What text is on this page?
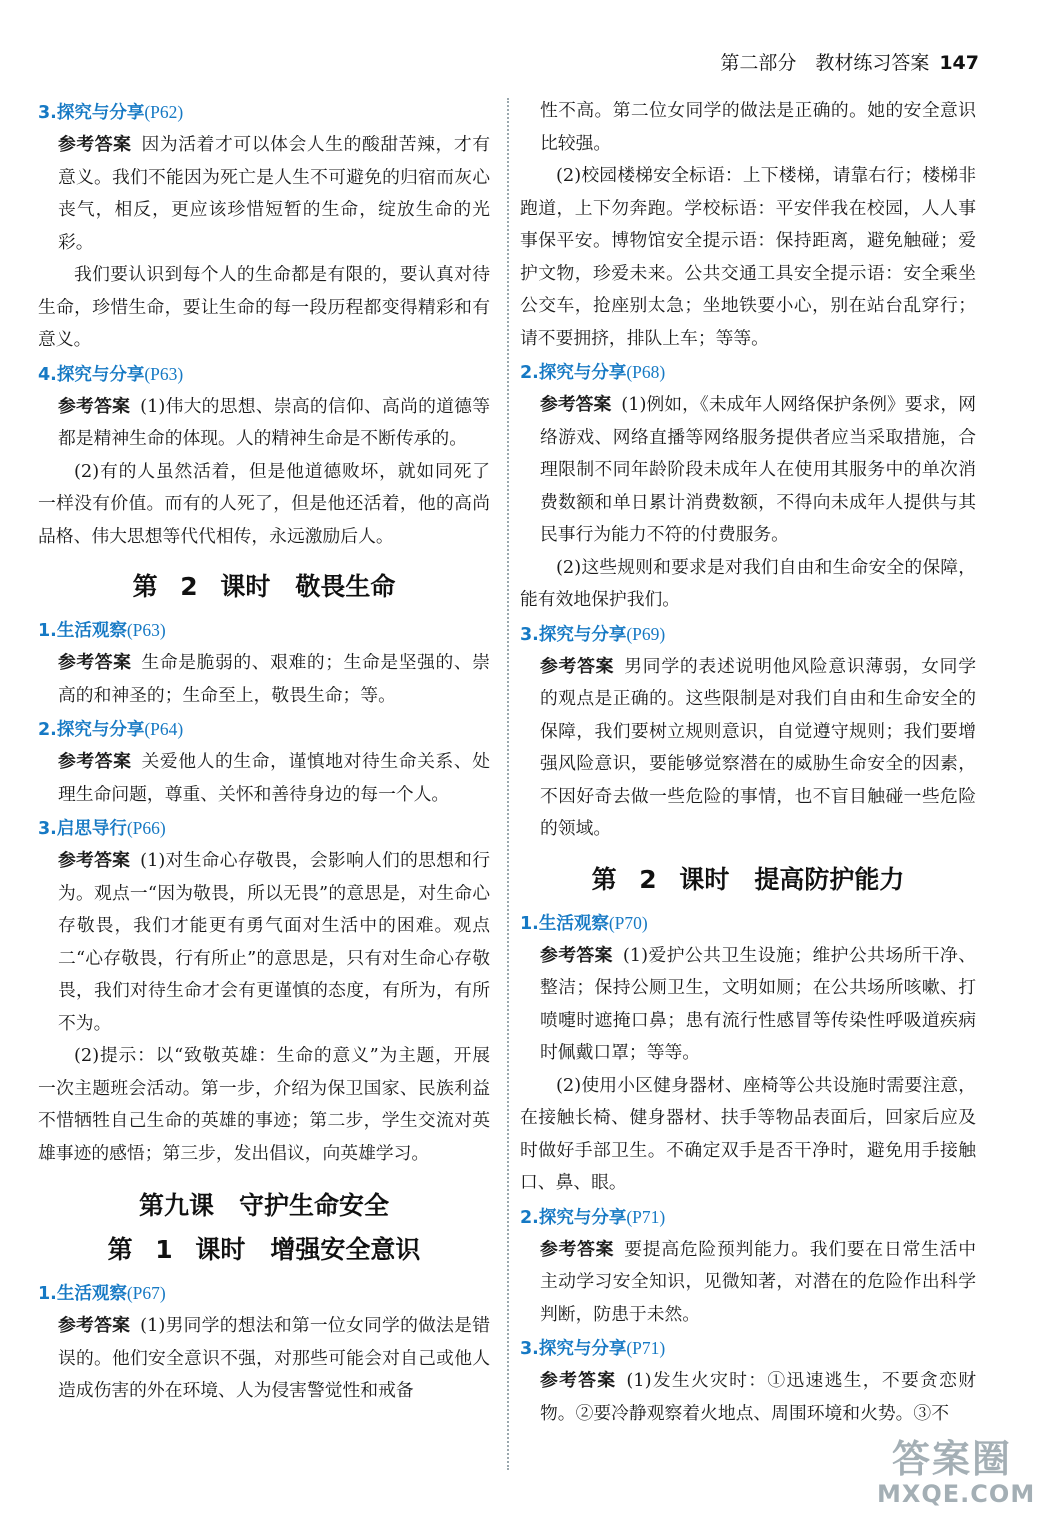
第二部分　教材练习答案 147

3.探究与分享(P62)

参考答案 因为活着才可以体会人生的酸甜苦辣，才有意义。我们不能因为死亡是人生不可避免的归宿而灰心丧气，相反，更应该珍惜短暂的生命，绽放生命的光彩。

我们要认识到每个人的生命都是有限的，要认真对待生命，珍惜生命，要让生命的每一段历程都变得精彩和有意义。

4.探究与分享(P63)

参考答案 (1)伟大的思想、崇高的信仰、高尚的道德等都是精神生命的体现。人的精神生命是不断传承的。

(2)有的人虽然活着，但是他道德败坏，就如同死了一样没有价值。而有的人死了，但是他还活着，他的高尚品格、伟大思想等代代相传，永远激励后人。

第 2 课时　敬畏生命

1.生活观察(P63)

参考答案 生命是脆弱的、艰难的；生命是坚强的、崇高的和神圣的；生命至上，敬畏生命；等。

2.探究与分享(P64)

参考答案 关爱他人的生命，谨慎地对待生命关系、处理生命问题，尊重、关怀和善待身边的每一个人。

3.启思导行(P66)

参考答案 (1)对生命心存敬畏，会影响人们的思想和行为。观点一“因为敬畏，所以无畏”的意思是，对生命心存敬畏，我们才能更有勇气面对生活中的困难。观点二“心存敬畏，行有所止”的意思是，只有对生命心存敬畏，我们对待生命才会有更谨慎的态度，有所为，有所不为。

(2)提示：以“致敬英雄：生命的意义”为主题，开展一次主题班会活动。第一步，介绍为保卫国家、民族利益不惜牺牲自己生命的英雄的事迹；第二步，学生交流对英雄事迹的感悟；第三步，发出倡议，向英雄学习。

第九课　守护生命安全

第 1 课时　增强安全意识

1.生活观察(P67)

参考答案 (1)男同学的想法和第一位女同学的做法是错误的。他们安全意识不强，对那些可能会对自己或他人造成伤害的外在环境、人为侵害警觉性和戒备

性不高。第二位女同学的做法是正确的。她的安全意识比较强。

(2)校园楼梯安全标语：上下楼梯，请靠右行；楼梯非跑道，上下勿奔跑。学校标语：平安伴我在校园，人人事事保平安。博物馆安全提示语：保持距离，避免触碰；爱护文物，珍爱未来。公共交通工具安全提示语：安全乘坐公交车，抢座别太急；坐地铁要小心，别在站台乱穿行；请不要拥挤，排队上车；等等。

2.探究与分享(P68)

参考答案 (1)例如，《未成年人网络保护条例》要求，网络游戏、网络直播等网络服务提供者应当采取措施，合理限制不同年龄阶段未成年人在使用其服务中的单次消费数额和单日累计消费数额，不得向未成年人提供与其民事行为能力不符的付费服务。

(2)这些规则和要求是对我们自由和生命安全的保障，能有效地保护我们。

3.探究与分享(P69)

参考答案 男同学的表述说明他风险意识薄弱，女同学的观点是正确的。这些限制是对我们自由和生命安全的保障，我们要树立规则意识，自觉遵守规则；我们要增强风险意识，要能够觉察潜在的威胁生命安全的因素，不因好奇去做一些危险的事情，也不盲目触碰一些危险的领域。

第 2 课时　提高防护能力

1.生活观察(P70)

参考答案 (1)爱护公共卫生设施；维护公共场所干净、整洁；保持公厕卫生，文明如厕；在公共场所咳嗽、打喷嚏时遮掩口鼻；患有流行性感冒等传染性呼吸道疾病时佩戴口罩；等等。

(2)使用小区健身器材、座椅等公共设施时需要注意，在接触长椅、健身器材、扶手等物品表面后，回家后应及时做好手部卫生。不确定双手是否干净时，避免用手接触口、鼻、眼。

2.探究与分享(P71)

参考答案 要提高危险预判能力。我们要在日常生活中主动学习安全知识，见微知著，对潜在的危险作出科学判断，防患于未然。

3.探究与分享(P71)

参考答案 (1)发生火灾时：①迅速逃生，不要贪恋财物。②要冷静观察着火地点、周围环境和火势。③不

答案圈
MXQE.COM
